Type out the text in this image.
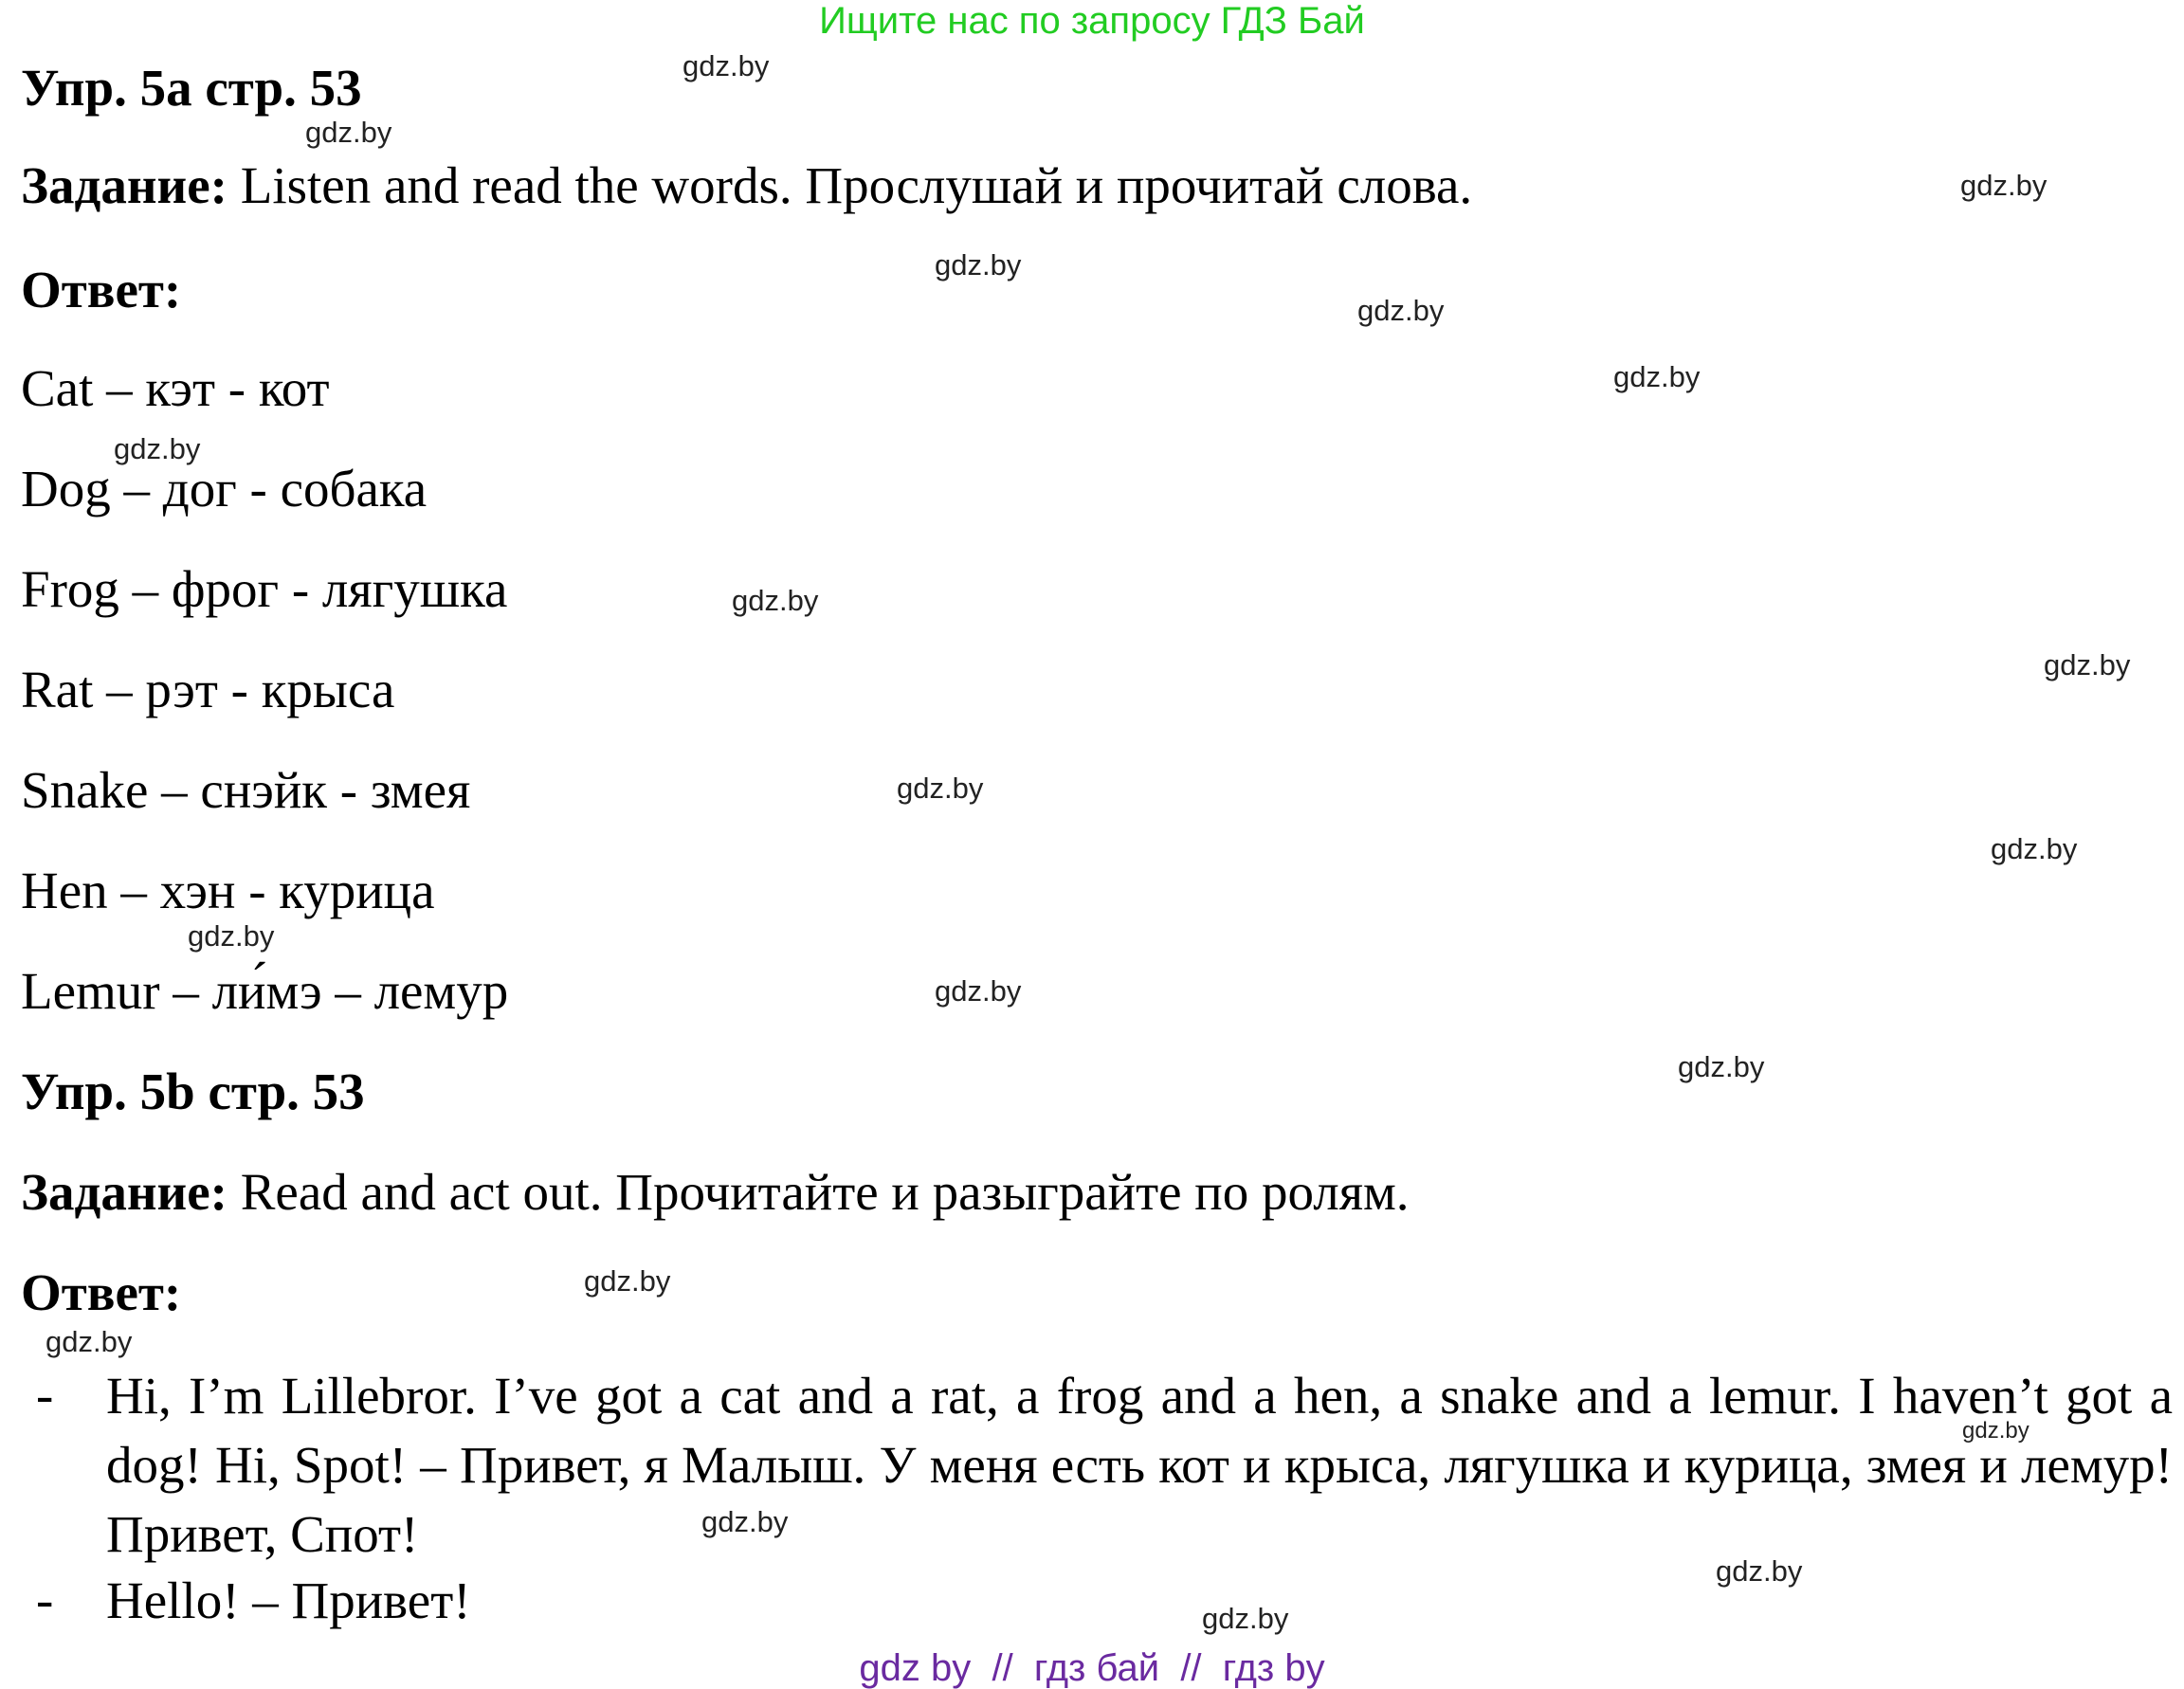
Ищите нас по запросу ГДЗ Бай
Упр. 5a стр. 53
Задание: Listen and read the words. Прослушай и прочитай слова.
Ответ:
Cat – кэт - кот
Dog – дог - собака
Frog – фрог - лягушка
Rat – рэт - крыса
Snake – снэйк - змея
Hen – хэн - курица
Lemur – ли́мэ – лемур
Упр. 5b стр. 53
Задание: Read and act out. Прочитайте и разыграйте по ролям.
Ответ:
- Hi, I’m Lillebror. I’ve got a cat and a rat, a frog and a hen, a snake and a lemur. I haven’t got a dog! Hi, Spot! – Привет, я Малыш. У меня есть кот и крыса, лягушка и курица, змея и лемур! Привет, Спот!
- Hello! – Привет!
gdz.by
gdz.by
gdz.by
gdz.by
gdz.by
gdz.by
gdz.by
gdz.by
gdz.by
gdz.by
gdz.by
gdz.by
gdz.by
gdz.by
gdz.by
gdz.by
gdz.by
gdz.by
gdz.by
gdz.by
gdz by  //  гдз бай  //  гдз by
